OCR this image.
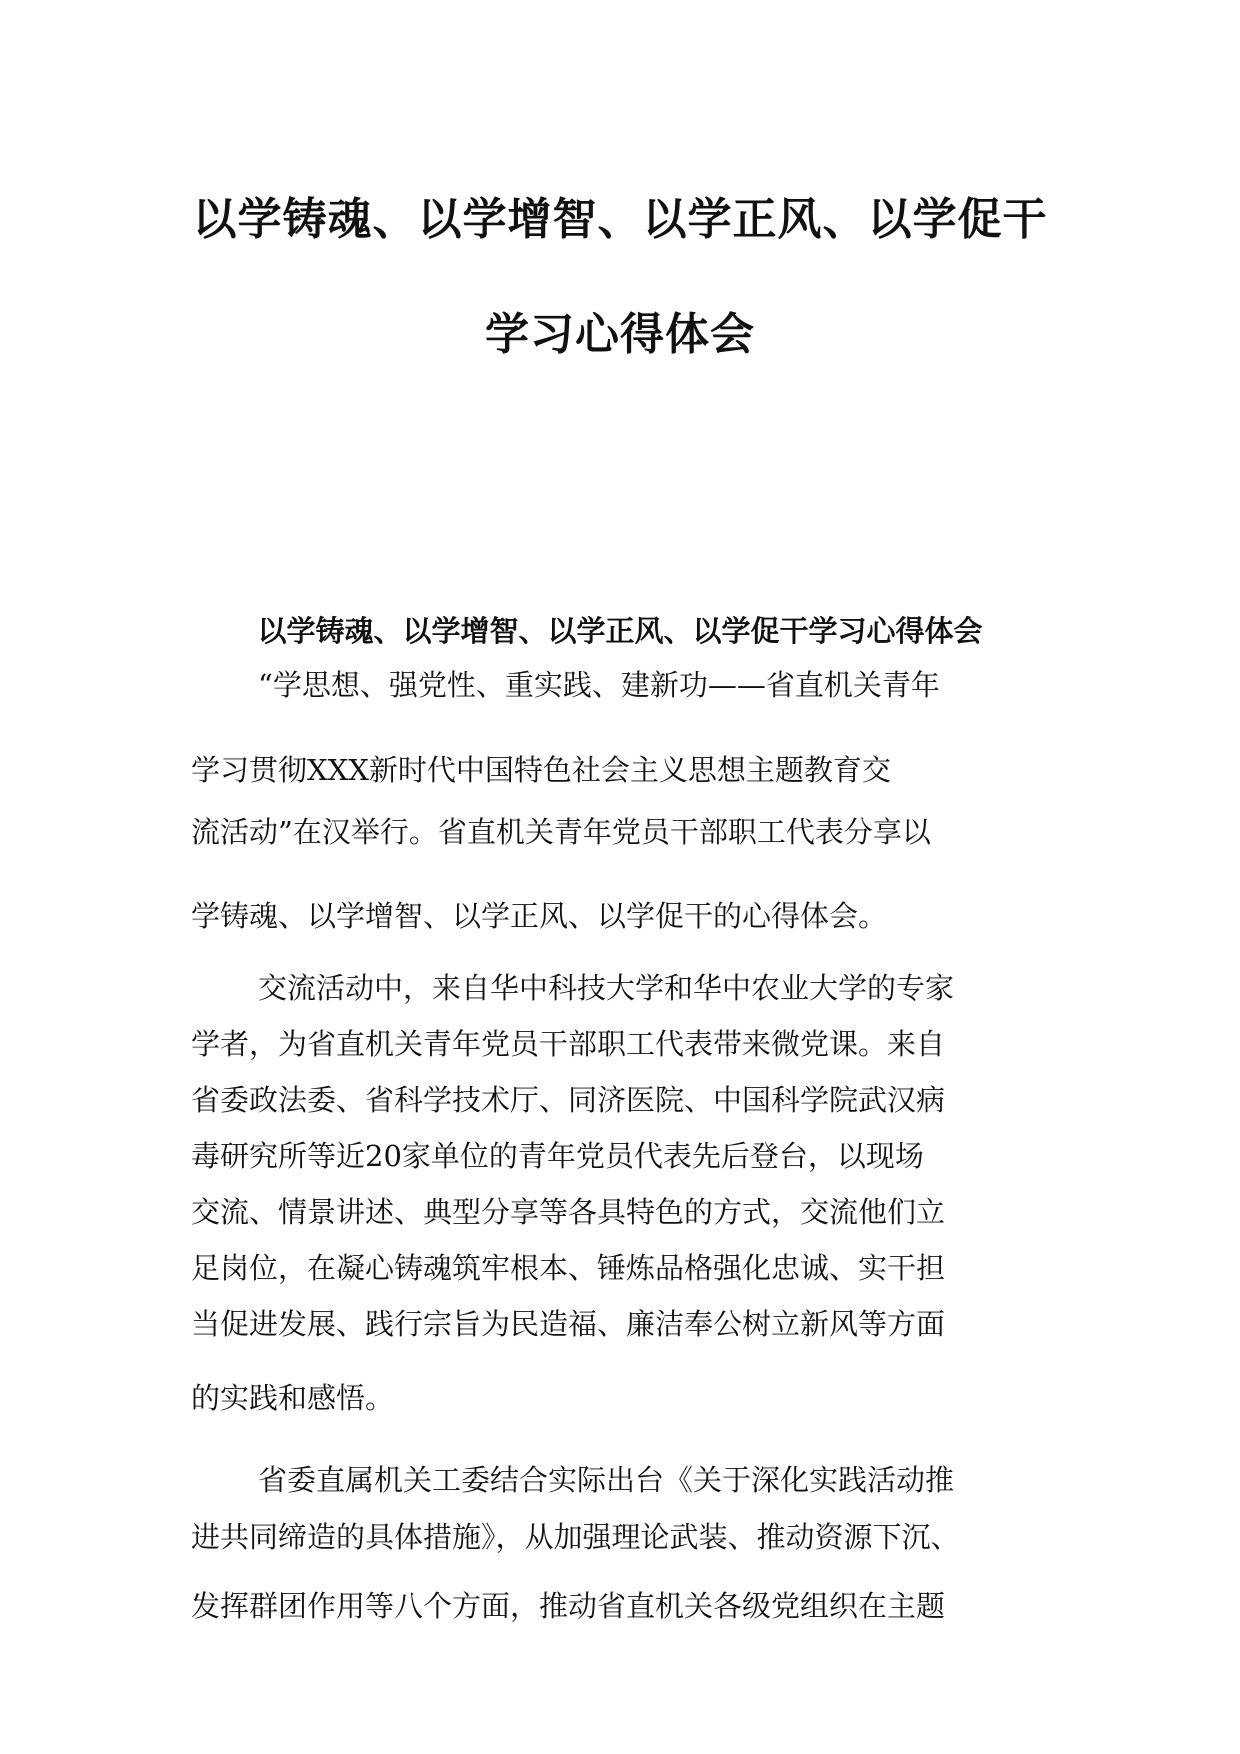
以学铸魂、以学增智、以学正风、以学促干
学习心得体会
以学铸魂、以学增智、以学正风、以学促干学习心得体会
“学思想、强党性、重实践、建新功——省直机关青年
学习贯彻XXX新时代中国特色社会主义思想主题教育交
流活动”在汉举行。省直机关青年党员干部职工代表分享以
学铸魂、以学增智、以学正风、以学促干的心得体会。
交流活动中，来自华中科技大学和华中农业大学的专家
学者，为省直机关青年党员干部职工代表带来微党课。来自
省委政法委、省科学技术厅、同济医院、中国科学院武汉病
毒研究所等近20家单位的青年党员代表先后登台，以现场
交流、情景讲述、典型分享等各具特色的方式，交流他们立
足岗位，在凝心铸魂筑牢根本、锤炼品格强化忠诚、实干担
当促进发展、践行宗旨为民造福、廉洁奉公树立新风等方面
的实践和感悟。
省委直属机关工委结合实际出台《关于深化实践活动推
进共同缔造的具体措施》，从加强理论武装、推动资源下沉、
发挥群团作用等八个方面，推动省直机关各级党组织在主题
